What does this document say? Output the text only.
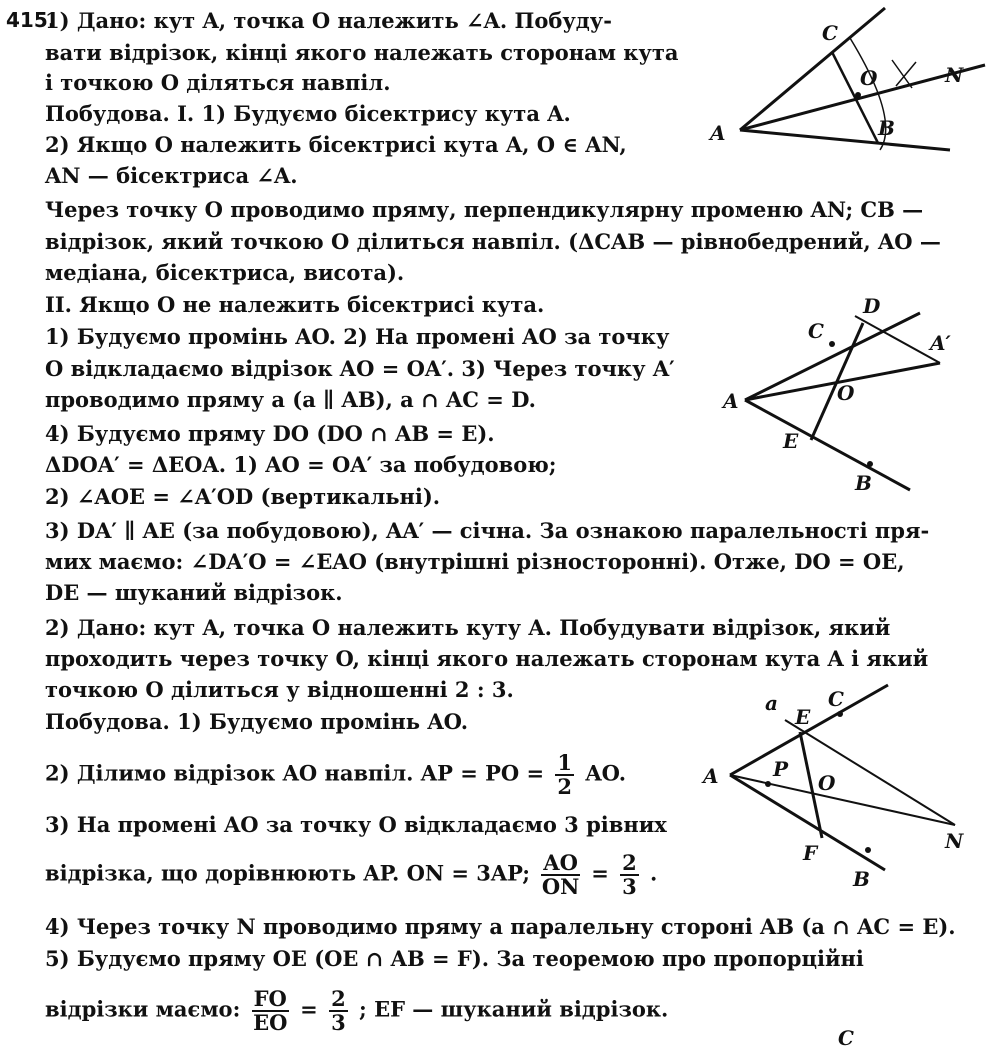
415.
1) Дано: кут A, точка O належить ∠A. Побуду-
вати відрізок, кінці якого належать сторонам кута
і точкою O діляться навпіл.
Побудова. I. 1) Будуємо бісектрису кута A.
2) Якщо O належить бісектрисі кута A, O ∈ AN,
AN — бісектриса ∠A.
Через точку O проводимо пряму, перпендикулярну променю AN; CB —
відрізок, який точкою O ділиться навпіл. (ΔCAB — рівнобедрений, AO —
медіана, бісектриса, висота).
II. Якщо O не належить бісектрисі кута.
1) Будуємо промінь AO. 2) На промені AO за точку
O відкладаємо відрізок AO = OA′. 3) Через точку A′
проводимо пряму a (a ∥ AB), a ∩ AC = D.
4) Будуємо пряму DO (DO ∩ AB = E).
ΔDOA′ = ΔEOA. 1) AO = OA′ за побудовою;
2) ∠AOE = ∠A′OD (вертикальні).
3) DA′ ∥ AE (за побудовою), AA′ — січна. За ознакою паралельності пря-
мих маємо: ∠DA′O = ∠EAO (внутрішні різносторонні). Отже, DO = OE,
DE — шуканий відрізок.
2) Дано: кут A, точка O належить куту A. Побудувати відрізок, який
проходить через точку O, кінці якого належать сторонам кута A і який
точкою O ділиться у відношенні 2 : 3.
Побудова. 1) Будуємо промінь AO.
2) Ділимо відрізок AO навпіл. AP = PO = $\frac{1}{2}$ AO.
3) На промені AO за точку O відкладаємо 3 рівних
відрізка, що дорівнюють AP. ON = 3AP; $\frac{AO}{ON} = \frac{2}{3}$ .
4) Через точку N проводимо пряму a паралельну стороні AB (a ∩ AC = E).
5) Будуємо пряму OE (OE ∩ AB = F). За теоремою про пропорційні
відрізки маємо: $\frac{FO}{EO} = \frac{2}{3}$ ; EF — шуканий відрізок.
A
C
O	N
B
D
C	A′
A	O
E
B
a
E
C
A	P
O
N
F
B
C
